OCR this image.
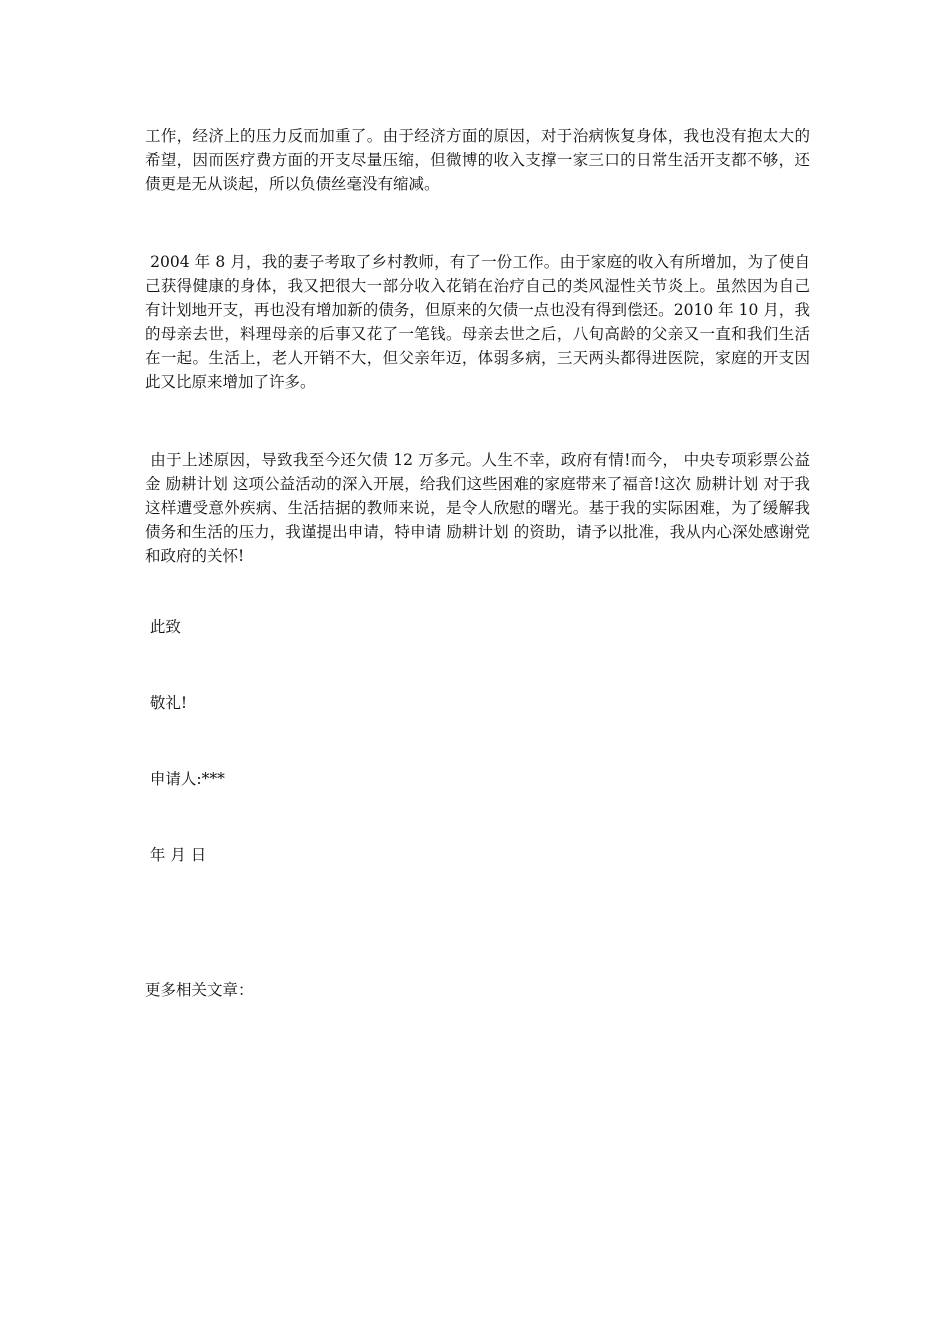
工作，经济上的压力反而加重了。由于经济方面的原因，对于治病恢复身体，我也没有抱太大的希望，因而医疗费方面的开支尽量压缩，但微博的收入支撑一家三口的日常生活开支都不够，还债更是无从谈起，所以负债丝毫没有缩减。

2004 年 8 月，我的妻子考取了乡村教师，有了一份工作。由于家庭的收入有所增加，为了使自己获得健康的身体，我又把很大一部分收入花销在治疗自己的类风湿性关节炎上。虽然因为自己有计划地开支，再也没有增加新的债务，但原来的欠债一点也没有得到偿还。2010 年 10 月，我的母亲去世，料理母亲的后事又花了一笔钱。母亲去世之后，八旬高龄的父亲又一直和我们生活在一起。生活上，老人开销不大，但父亲年迈，体弱多病，三天两头都得进医院，家庭的开支因此又比原来增加了许多。

由于上述原因，导致我至今还欠债 12 万多元。人生不幸，政府有情!而今， 中央专项彩票公益金 励耕计划 这项公益活动的深入开展，给我们这些困难的家庭带来了福音!这次 励耕计划 对于我这样遭受意外疾病、生活拮据的教师来说，是令人欣慰的曙光。基于我的实际困难，为了缓解我债务和生活的压力，我谨提出申请，特申请 励耕计划 的资助，请予以批准，我从内心深处感谢党和政府的关怀!

此致

敬礼!

申请人:***

年 月 日

更多相关文章：
